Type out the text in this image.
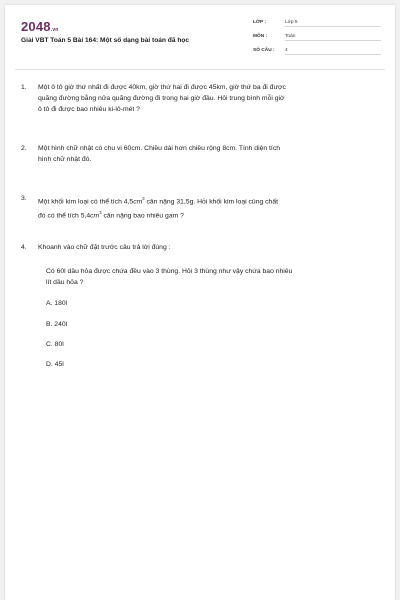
2048.vn
Giải VBT Toán 5 Bài 164: Một số dạng bài toán đã học
LỚP :	Lớp 5
MÔN :	Toán
SỐ CÂU :	4
1. Một ô tô giờ thứ nhất đi được 40km, giờ thứ hai đi được 45km, giờ thứ ba đi được
quãng đường bằng nửa quãng đường đi trong hai giờ đầu. Hỏi trung bình mỗi giờ
ô tô đi được bao nhiêu ki-lô-mét ?
2. Một hình chữ nhật có chu vi 60cm. Chiều dài hơn chiều rộng 8cm. Tính diện tích
hình chữ nhật đó.
3. Một khối kim loại có thể tích $4,5cm^3$ cân nặng 31,5g. Hỏi khối kim loại cùng chất
đó có thể tích $5,4cm^3$ cân nặng bao nhiêu gam ?
4. Khoanh vào chữ đặt trước câu trả lời đúng :
Có 60l dầu hỏa được chứa đều vào 3 thùng. Hỏi 3 thùng như vậy chứa bao nhiêu
lít dầu hỏa ?
A. 180l
B. 240l
C. 80l
D. 45l
